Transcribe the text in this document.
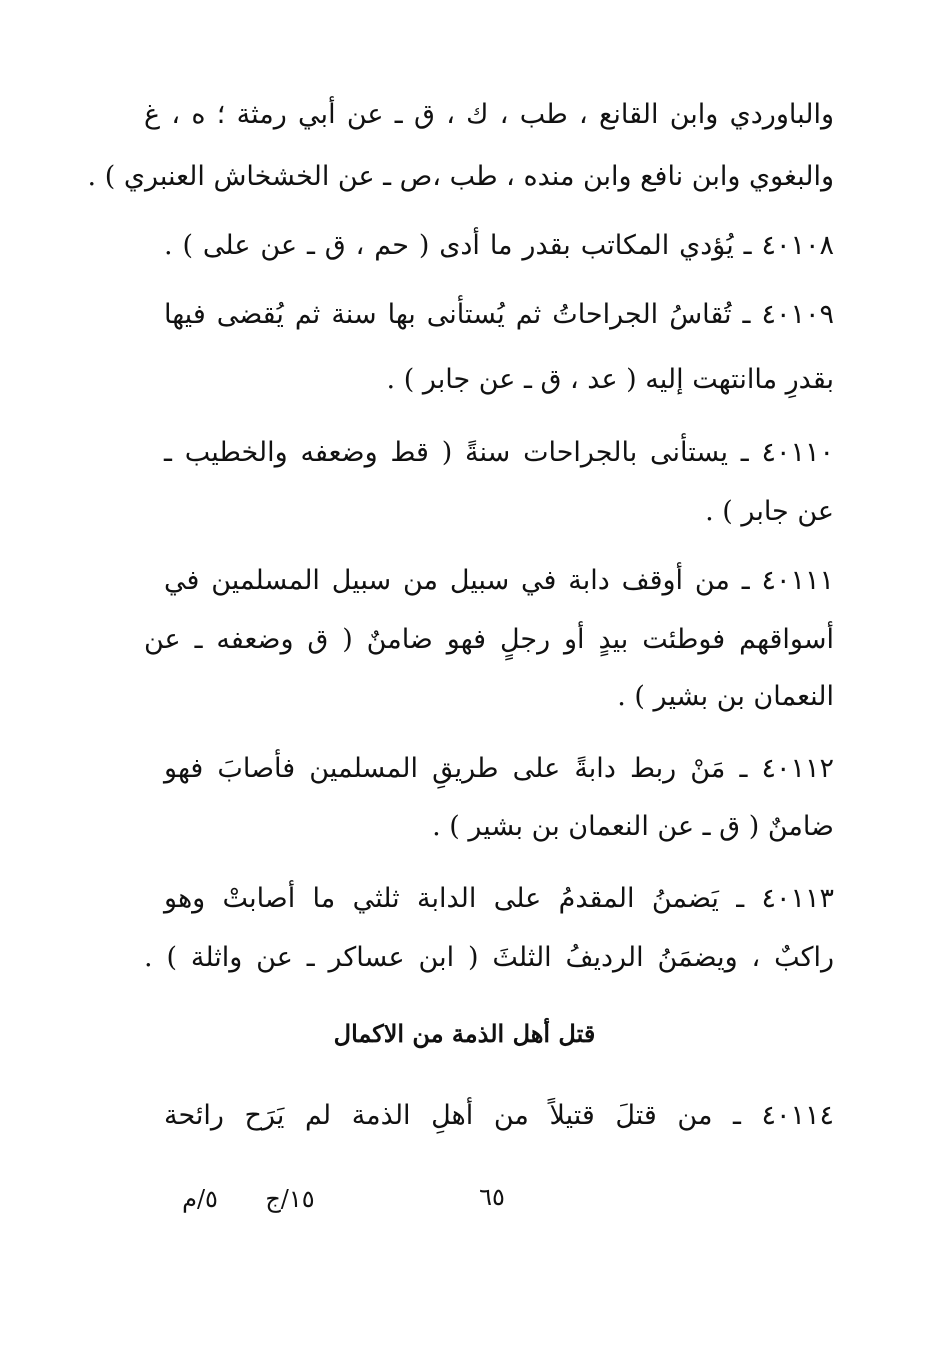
والباوردي وابن القانع ، طب ، ك ، ق ـ عن أبي رمثة ؛ ه ، غ
والبغوي وابن نافع وابن منده ، طب ،ص ـ عن الخشخاش العنبري ) .
٤٠١٠٨ ـ يُؤدي المكاتب بقدر ما أدى ( حم ، ق ـ عن على ) .
٤٠١٠٩ ـ تُقاسُ الجراحاتُ ثم يُستأنى بها سنة ثم يُقضى فيها
بقدرِ ماانتهت إليه ( عد ، ق ـ عن جابر ) .
٤٠١١٠ ـ يستأنى بالجراحات سنةً ( قط وضعفه والخطيب ـ
عن جابر ) .
٤٠١١١ ـ من أوقف دابة في سبيل من سبيل المسلمين في
أسواقهم فوطئت بيدٍ أو رجلٍ فهو ضامنٌ ( ق وضعفه ـ عن
النعمان بن بشير ) .
٤٠١١٢ ـ مَنْ ربط دابةً على طريقِ المسلمين فأصابَ فهو
ضامنٌ ( ق ـ عن النعمان بن بشير ) .
٤٠١١٣ ـ يَضمنُ المقدمُ على الدابة ثلثي ما أصابتْ وهو
راكبٌ ، ويضمَنُ الرديفُ الثلثَ ( ابن عساكر ـ عن واثلة ) .
قتل أهل الذمة من الاكمال
٤٠١١٤ ـ من قتلَ قتيلاً من أهلِ الذمة لم يَرَح رائحة
٦٥
١٥/ج
٥/م
